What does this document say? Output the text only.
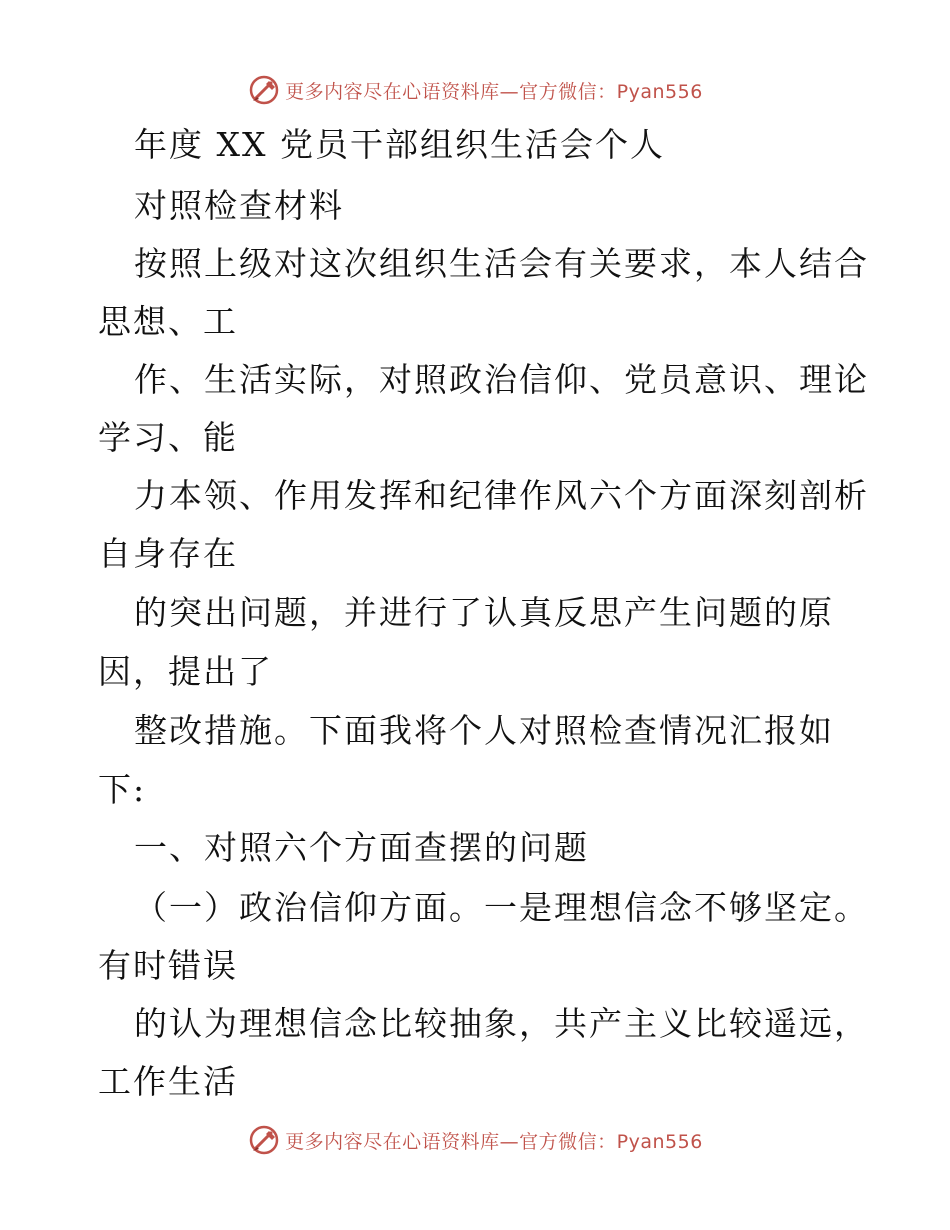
更多内容尽在心语资料库—官方微信：Pyan556
年度 XX 党员干部组织生活会个人
对照检查材料
按照上级对这次组织生活会有关要求，本人结合
思想、工
作、生活实际，对照政治信仰、党员意识、理论
学习、能
力本领、作用发挥和纪律作风六个方面深刻剖析
自身存在
的突出问题，并进行了认真反思产生问题的原
因，提出了
整改措施。下面我将个人对照检查情况汇报如
下:
一、对照六个方面查摆的问题
（一）政治信仰方面。一是理想信念不够坚定。
有时错误
的认为理想信念比较抽象，共产主义比较遥远，
工作生活
更多内容尽在心语资料库—官方微信：Pyan556
